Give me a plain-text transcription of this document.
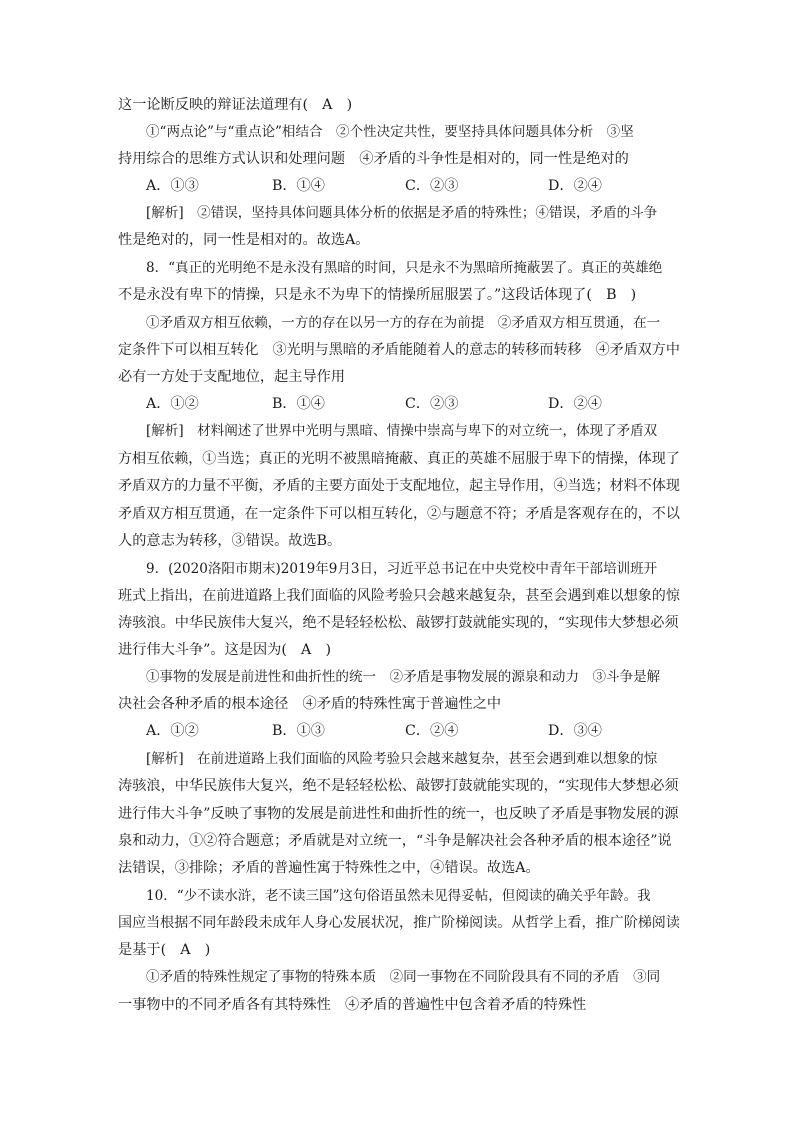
这一论断反映的辩证法道理有(　A　)
①“两点论”与“重点论”相结合　②个性决定共性，要坚持具体问题具体分析　③坚
持用综合的思维方式认识和处理问题　④矛盾的斗争性是相对的，同一性是绝对的
A．①③	B．①④	C．②③	D．②④
[解析]　②错误，坚持具体问题具体分析的依据是矛盾的特殊性；④错误，矛盾的斗争
性是绝对的，同一性是相对的。故选A。
8．“真正的光明绝不是永没有黑暗的时间，只是永不为黑暗所掩蔽罢了。真正的英雄绝
不是永没有卑下的情操，只是永不为卑下的情操所屈服罢了。”这段话体现了(　B　)
①矛盾双方相互依赖，一方的存在以另一方的存在为前提　②矛盾双方相互贯通，在一
定条件下可以相互转化　③光明与黑暗的矛盾能随着人的意志的转移而转移　④矛盾双方中
必有一方处于支配地位，起主导作用
A．①②	B．①④	C．②③	D．②④
[解析]　材料阐述了世界中光明与黑暗、情操中崇高与卑下的对立统一，体现了矛盾双
方相互依赖，①当选；真正的光明不被黑暗掩蔽、真正的英雄不屈服于卑下的情操，体现了
矛盾双方的力量不平衡，矛盾的主要方面处于支配地位，起主导作用，④当选；材料不体现
矛盾双方相互贯通，在一定条件下可以相互转化，②与题意不符；矛盾是客观存在的，不以
人的意志为转移，③错误。故选B。
9．(2020洛阳市期末)2019年9月3日，习近平总书记在中央党校中青年干部培训班开
班式上指出，在前进道路上我们面临的风险考验只会越来越复杂，甚至会遇到难以想象的惊
涛骇浪。中华民族伟大复兴，绝不是轻轻松松、敲锣打鼓就能实现的，“实现伟大梦想必须
进行伟大斗争”。这是因为(　A　)
①事物的发展是前进性和曲折性的统一　②矛盾是事物发展的源泉和动力　③斗争是解
决社会各种矛盾的根本途径　④矛盾的特殊性寓于普遍性之中
A．①②	B．①③	C．②④	D．③④
[解析]　在前进道路上我们面临的风险考验只会越来越复杂，甚至会遇到难以想象的惊
涛骇浪，中华民族伟大复兴，绝不是轻轻松松、敲锣打鼓就能实现的，“实现伟大梦想必须
进行伟大斗争”反映了事物的发展是前进性和曲折性的统一，也反映了矛盾是事物发展的源
泉和动力，①②符合题意；矛盾就是对立统一，“斗争是解决社会各种矛盾的根本途径”说
法错误，③排除；矛盾的普遍性寓于特殊性之中，④错误。故选A。
10．“少不读水浒，老不读三国”这句俗语虽然未见得妥帖，但阅读的确关乎年龄。我
国应当根据不同年龄段未成年人身心发展状况，推广阶梯阅读。从哲学上看，推广阶梯阅读
是基于(　A　)
①矛盾的特殊性规定了事物的特殊本质　②同一事物在不同阶段具有不同的矛盾　③同
一事物中的不同矛盾各有其特殊性　④矛盾的普遍性中包含着矛盾的特殊性
